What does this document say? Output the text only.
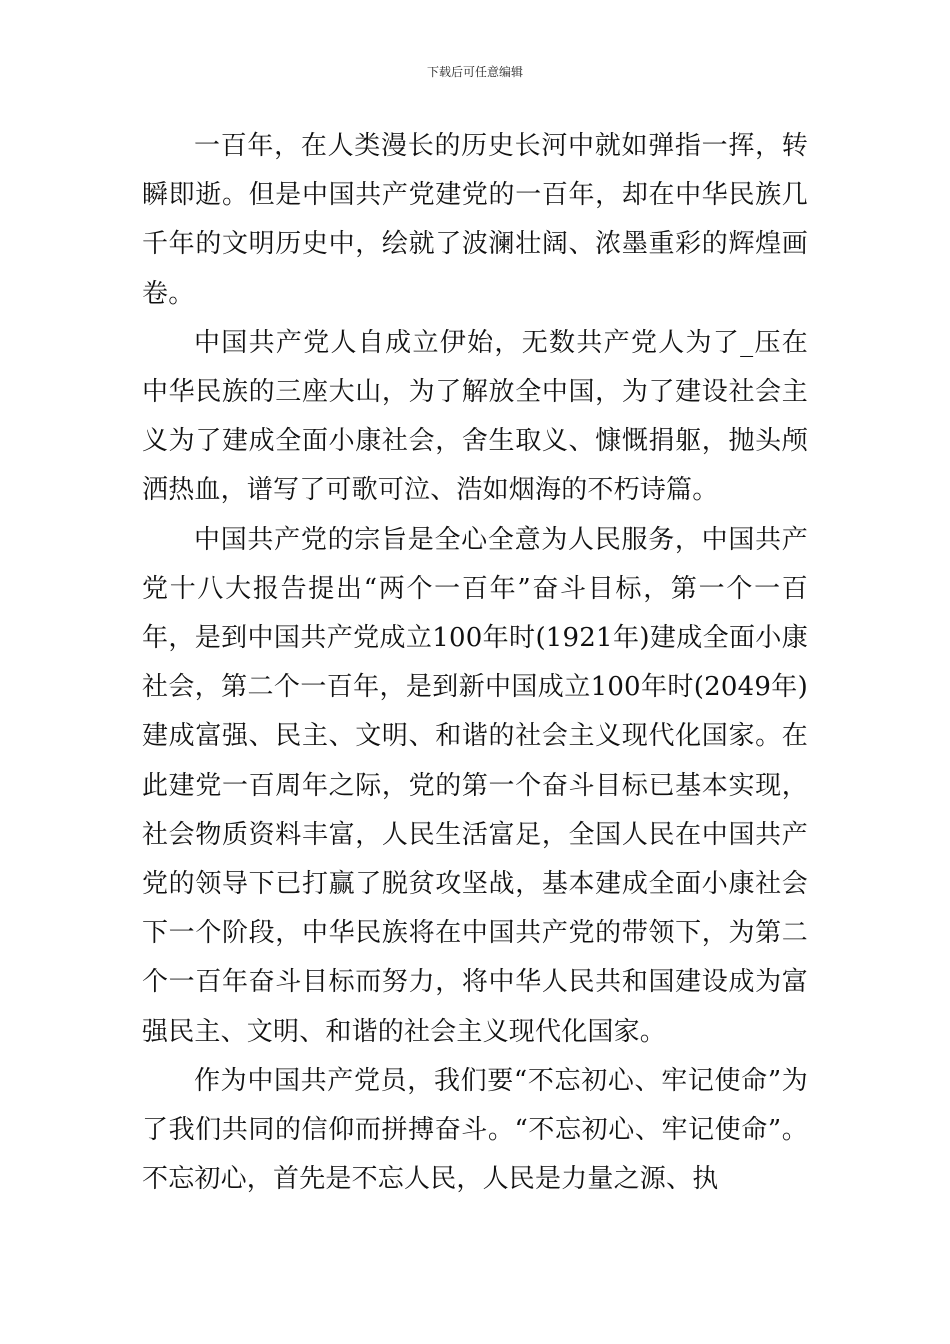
下载后可任意编辑

一百年，在人类漫长的历史长河中就如弹指一挥，转瞬即逝。但是中国共产党建党的一百年，却在中华民族几千年的文明历史中，绘就了波澜壮阔、浓墨重彩的辉煌画卷。

中国共产党人自成立伊始，无数共产党人为了_压在中华民族的三座大山，为了解放全中国，为了建设社会主义为了建成全面小康社会，舍生取义、慷慨捐躯，抛头颅洒热血，谱写了可歌可泣、浩如烟海的不朽诗篇。

中国共产党的宗旨是全心全意为人民服务，中国共产党十八大报告提出“两个一百年”奋斗目标，第一个一百年，是到中国共产党成立100年时(1921年)建成全面小康社会，第二个一百年，是到新中国成立100年时(2049年)建成富强、民主、文明、和谐的社会主义现代化国家。在此建党一百周年之际，党的第一个奋斗目标已基本实现，社会物质资料丰富，人民生活富足，全国人民在中国共产党的领导下已打赢了脱贫攻坚战，基本建成全面小康社会下一个阶段，中华民族将在中国共产党的带领下，为第二个一百年奋斗目标而努力，将中华人民共和国建设成为富强民主、文明、和谐的社会主义现代化国家。

作为中国共产党员，我们要“不忘初心、牢记使命”为了我们共同的信仰而拼搏奋斗。“不忘初心、牢记使命”。不忘初心，首先是不忘人民，人民是力量之源、执
